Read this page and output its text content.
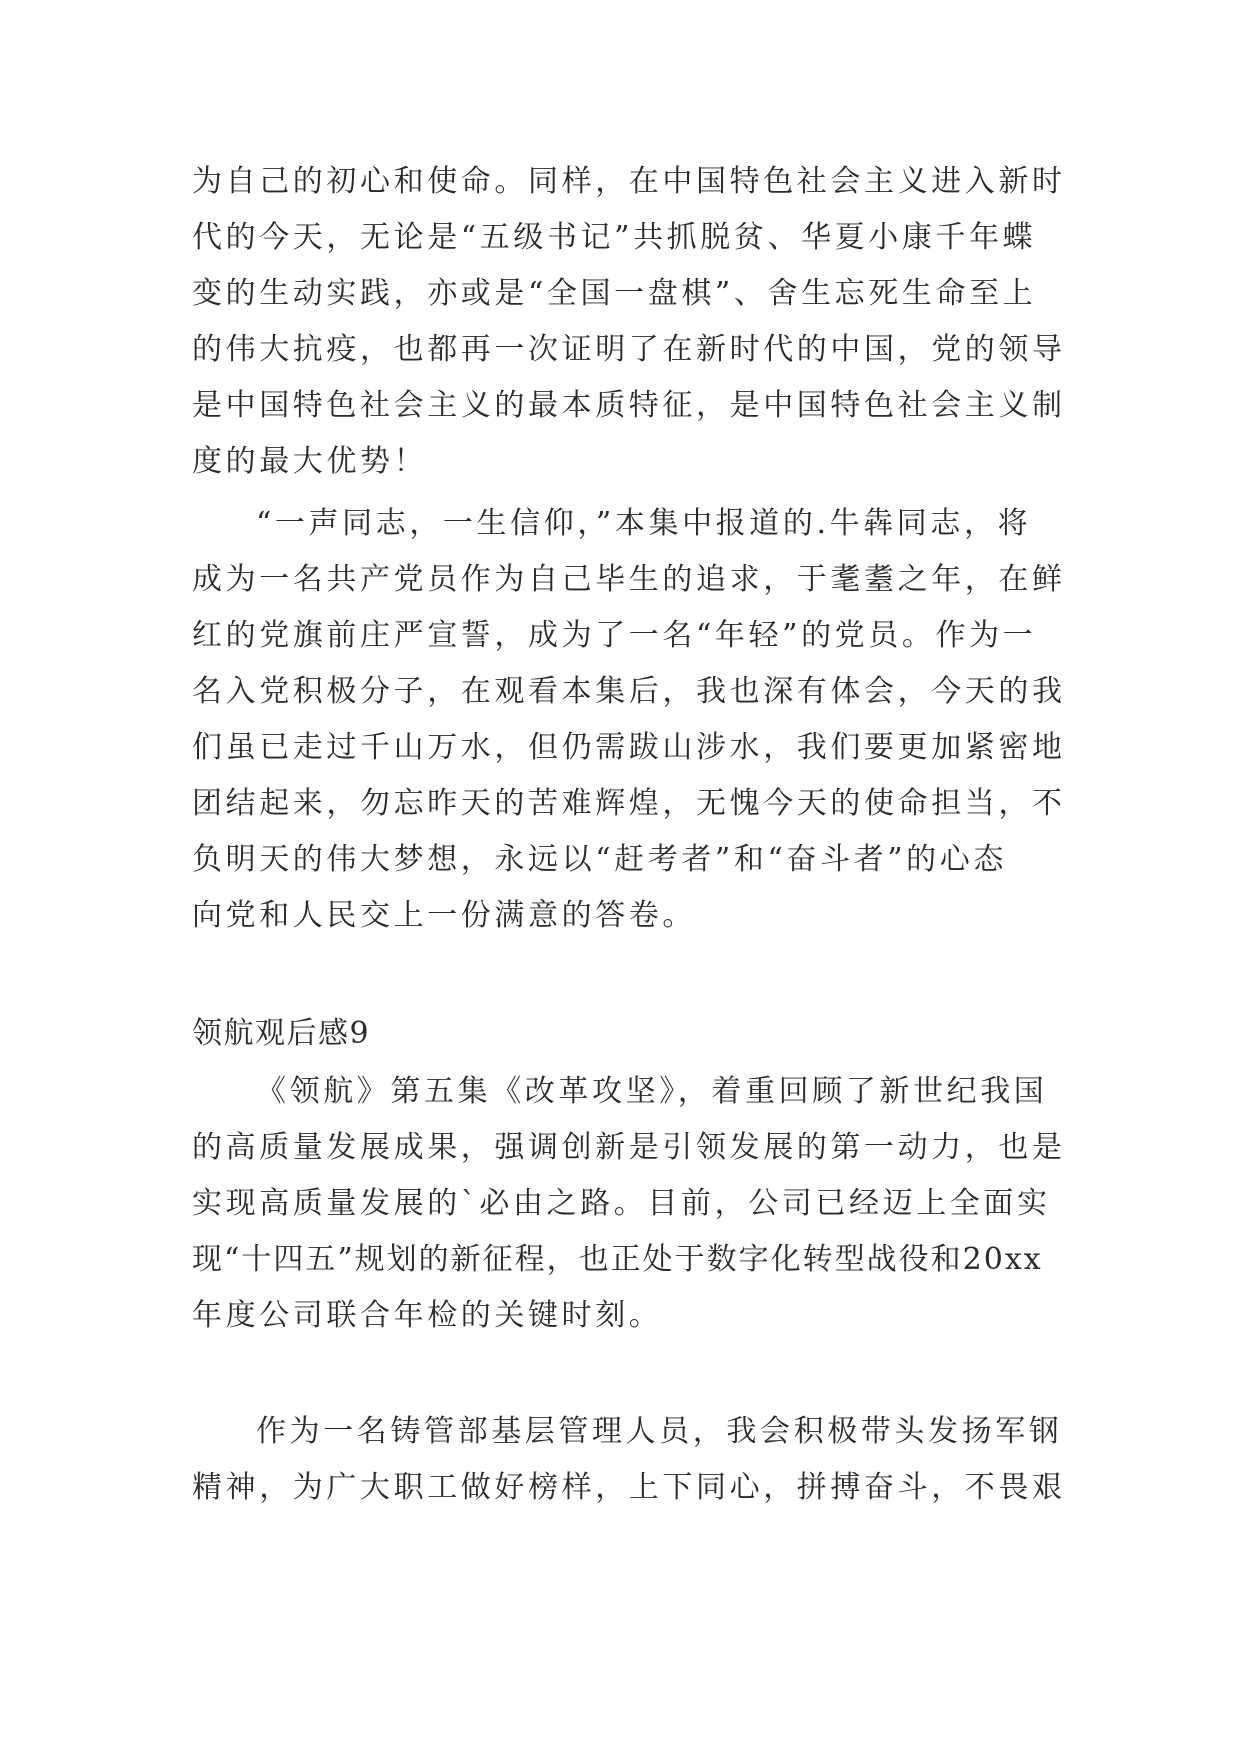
为自己的初心和使命。同样，在中国特色社会主义进入新时
代的今天，无论是“五级书记”共抓脱贫、华夏小康千年蝶
变的生动实践，亦或是“全国一盘棋”、舍生忘死生命至上
的伟大抗疫，也都再一次证明了在新时代的中国，党的领导
是中国特色社会主义的最本质特征，是中国特色社会主义制
度的最大优势！
“一声同志，一生信仰，”本集中报道的.牛犇同志，将
成为一名共产党员作为自己毕生的追求，于耄耋之年，在鲜
红的党旗前庄严宣誓，成为了一名“年轻”的党员。作为一
名入党积极分子，在观看本集后，我也深有体会，今天的我
们虽已走过千山万水，但仍需跋山涉水，我们要更加紧密地
团结起来，勿忘昨天的苦难辉煌，无愧今天的使命担当，不
负明天的伟大梦想，永远以“赶考者”和“奋斗者”的心态
向党和人民交上一份满意的答卷。
领航观后感9
《领航》第五集《改革攻坚》，着重回顾了新世纪我国
的高质量发展成果，强调创新是引领发展的第一动力，也是
实现高质量发展的`必由之路。目前，公司已经迈上全面实
现“十四五”规划的新征程，也正处于数字化转型战役和20xx
年度公司联合年检的关键时刻。
作为一名铸管部基层管理人员，我会积极带头发扬军钢
精神，为广大职工做好榜样，上下同心，拼搏奋斗，不畏艰
